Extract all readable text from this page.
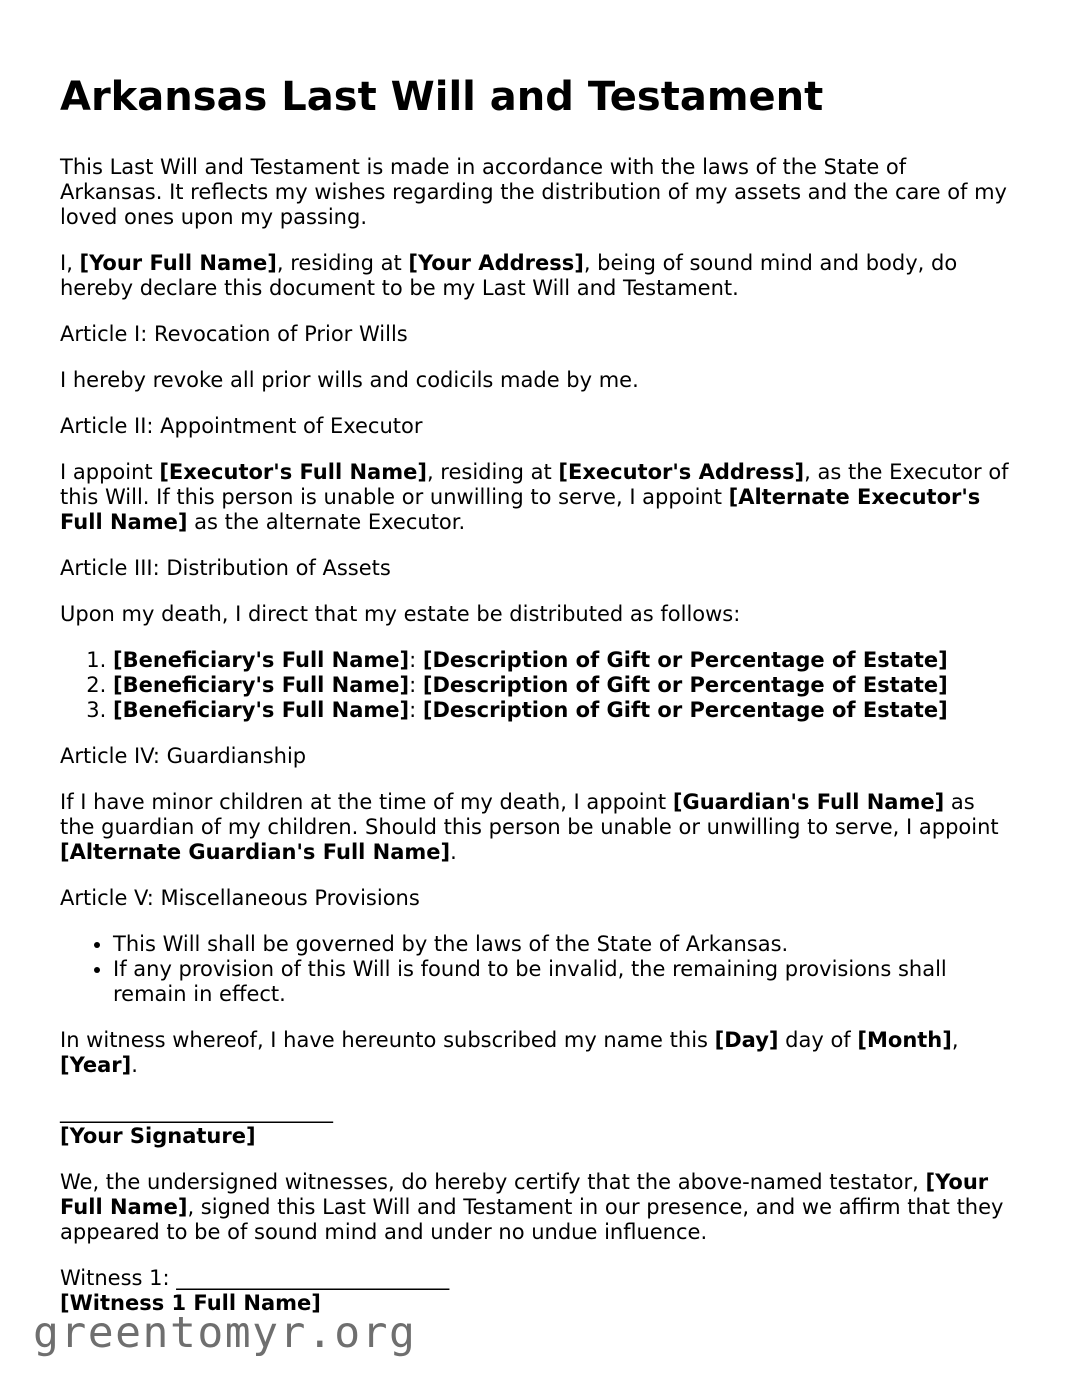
Arkansas Last Will and Testament

This Last Will and Testament is made in accordance with the laws of the State of Arkansas. It reflects my wishes regarding the distribution of my assets and the care of my loved ones upon my passing.

I, [Your Full Name], residing at [Your Address], being of sound mind and body, do hereby declare this document to be my Last Will and Testament.

Article I: Revocation of Prior Wills

I hereby revoke all prior wills and codicils made by me.

Article II: Appointment of Executor

I appoint [Executor's Full Name], residing at [Executor's Address], as the Executor of this Will. If this person is unable or unwilling to serve, I appoint [Alternate Executor's Full Name] as the alternate Executor.

Article III: Distribution of Assets

Upon my death, I direct that my estate be distributed as follows:

1. [Beneficiary's Full Name]: [Description of Gift or Percentage of Estate]
2. [Beneficiary's Full Name]: [Description of Gift or Percentage of Estate]
3. [Beneficiary's Full Name]: [Description of Gift or Percentage of Estate]

Article IV: Guardianship

If I have minor children at the time of my death, I appoint [Guardian's Full Name] as the guardian of my children. Should this person be unable or unwilling to serve, I appoint [Alternate Guardian's Full Name].

Article V: Miscellaneous Provisions

• This Will shall be governed by the laws of the State of Arkansas.
• If any provision of this Will is found to be invalid, the remaining provisions shall remain in effect.

In witness whereof, I have hereunto subscribed my name this [Day] day of [Month], [Year].

__________________________
[Your Signature]

We, the undersigned witnesses, do hereby certify that the above-named testator, [Your Full Name], signed this Last Will and Testament in our presence, and we affirm that they appeared to be of sound mind and under no undue influence.

Witness 1: __________________________
[Witness 1 Full Name]

greentomyr.org
